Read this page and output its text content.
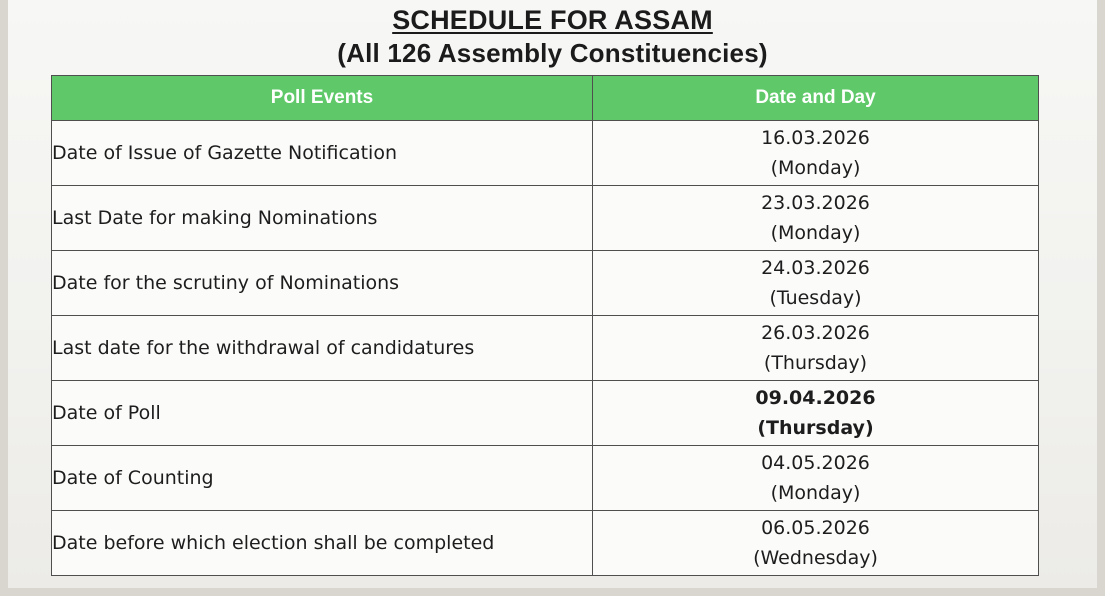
SCHEDULE FOR ASSAM
(All 126 Assembly Constituencies)
Poll Events	Date and Day
Date of Issue of Gazette Notification	16.03.2026
(Monday)

Last Date for making Nominations	23.03.2026
(Monday)

Date for the scrutiny of Nominations	24.03.2026
(Tuesday)

Last date for the withdrawal of candidatures	26.03.2026
(Thursday)

Date of Poll	09.04.2026
(Thursday)

Date of Counting	04.05.2026
(Monday)

Date before which election shall be completed	06.05.2026
(Wednesday)
